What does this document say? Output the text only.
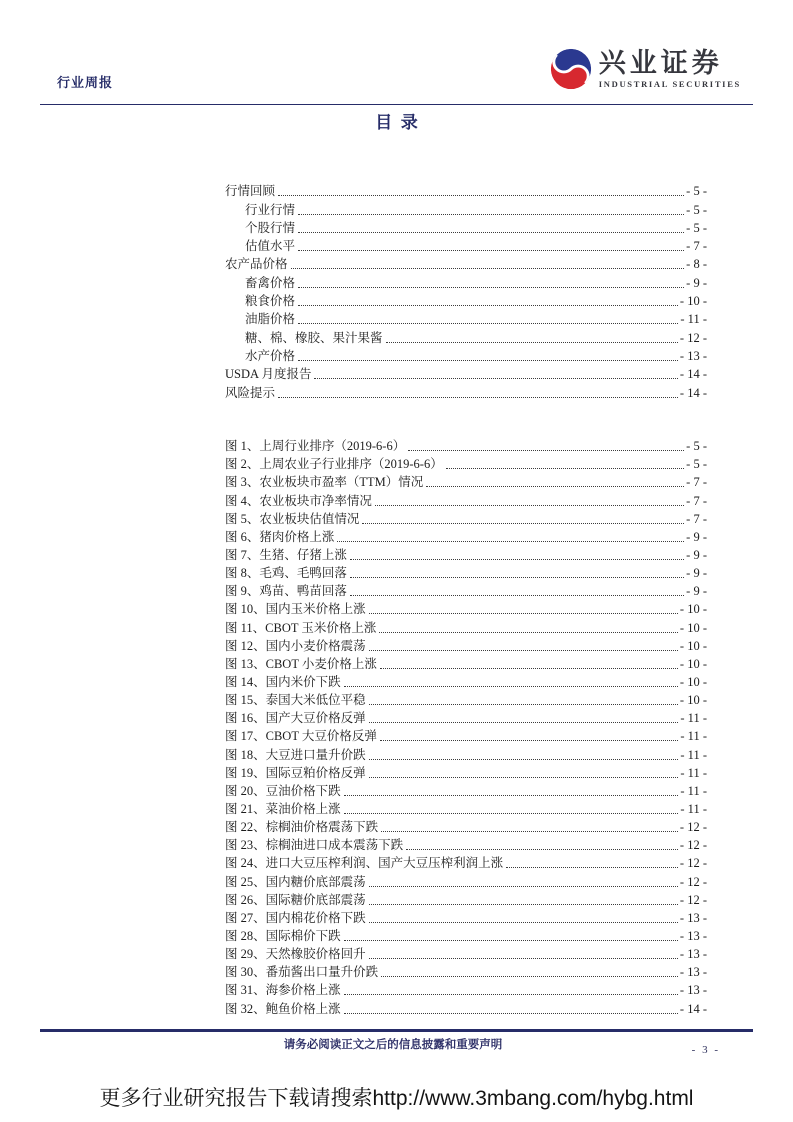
行业周报
兴业证券
INDUSTRIAL SECURITIES
目  录
行情回顾	- 5 -
行业行情	- 5 -
个股行情	- 5 -
估值水平	- 7 -
农产品价格	- 8 -
畜禽价格	- 9 -
粮食价格	- 10 -
油脂价格	- 11 -
糖、棉、橡胶、果汁果酱	- 12 -
水产价格	- 13 -
USDA 月度报告	- 14 -
风险提示	- 14 -
图 1、上周行业排序（2019-6-6）	- 5 -
图 2、上周农业子行业排序（2019-6-6）	- 5 -
图 3、农业板块市盈率（TTM）情况	- 7 -
图 4、农业板块市净率情况	- 7 -
图 5、农业板块估值情况	- 7 -
图 6、猪肉价格上涨	- 9 -
图 7、生猪、仔猪上涨	- 9 -
图 8、毛鸡、毛鸭回落	- 9 -
图 9、鸡苗、鸭苗回落	- 9 -
图 10、国内玉米价格上涨	- 10 -
图 11、CBOT 玉米价格上涨	- 10 -
图 12、国内小麦价格震荡	- 10 -
图 13、CBOT 小麦价格上涨	- 10 -
图 14、国内米价下跌	- 10 -
图 15、泰国大米低位平稳	- 10 -
图 16、国产大豆价格反弹	- 11 -
图 17、CBOT 大豆价格反弹	- 11 -
图 18、大豆进口量升价跌	- 11 -
图 19、国际豆粕价格反弹	- 11 -
图 20、豆油价格下跌	- 11 -
图 21、菜油价格上涨	- 11 -
图 22、棕榈油价格震荡下跌	- 12 -
图 23、棕榈油进口成本震荡下跌	- 12 -
图 24、进口大豆压榨利润、国产大豆压榨利润上涨	- 12 -
图 25、国内糖价底部震荡	- 12 -
图 26、国际糖价底部震荡	- 12 -
图 27、国内棉花价格下跌	- 13 -
图 28、国际棉价下跌	- 13 -
图 29、天然橡胶价格回升	- 13 -
图 30、番茄酱出口量升价跌	- 13 -
图 31、海参价格上涨	- 13 -
图 32、鲍鱼价格上涨	- 14 -
请务必阅读正文之后的信息披露和重要声明	- 3 -
更多行业研究报告下载请搜索http://www.3mbang.com/hybg.html
